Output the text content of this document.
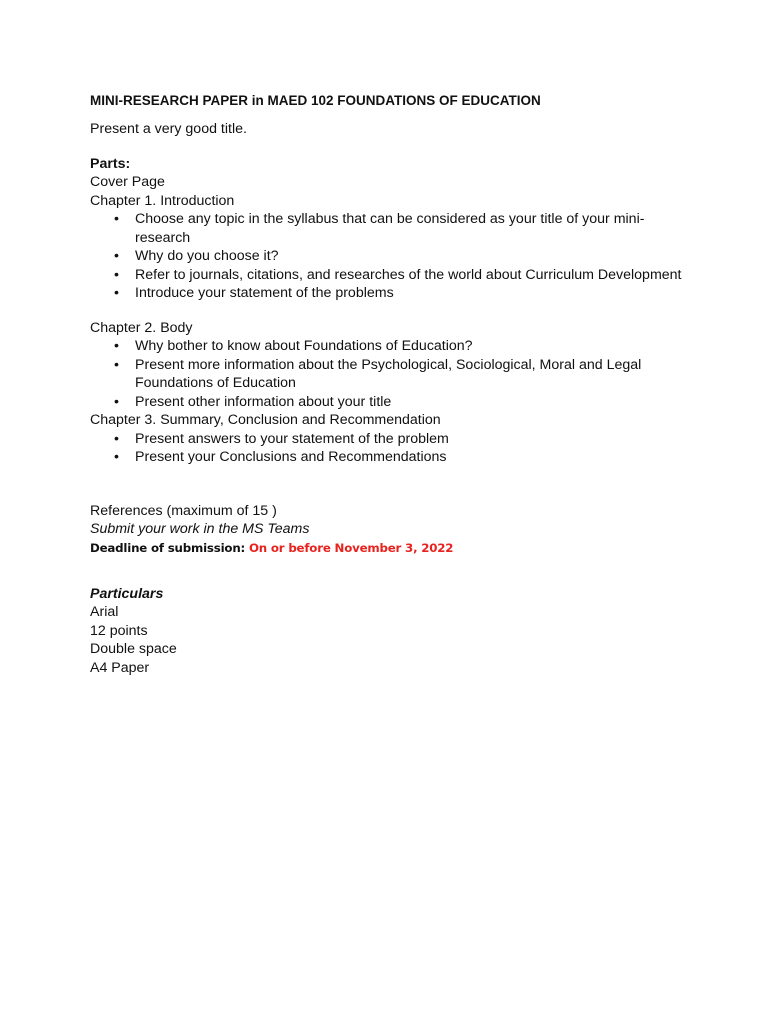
MINI-RESEARCH PAPER in MAED 102 FOUNDATIONS OF EDUCATION

Present a very good title.

Parts:

Cover Page

Chapter 1. Introduction

• Choose any topic in the syllabus that can be considered as your title of your mini-research
• Why do you choose it?
• Refer to journals, citations, and researches of the world about Curriculum Development
• Introduce your statement of the problems

Chapter 2. Body

• Why bother to know about Foundations of Education?
• Present more information about the Psychological, Sociological, Moral and Legal Foundations of Education
• Present other information about your title

Chapter 3. Summary, Conclusion and Recommendation

• Present answers to your statement of the problem
• Present your Conclusions and Recommendations

References (maximum of 15 )

Submit your work in the MS Teams

Deadline of submission: On or before November 3, 2022

Particulars

Arial

12 points

Double space

A4 Paper
